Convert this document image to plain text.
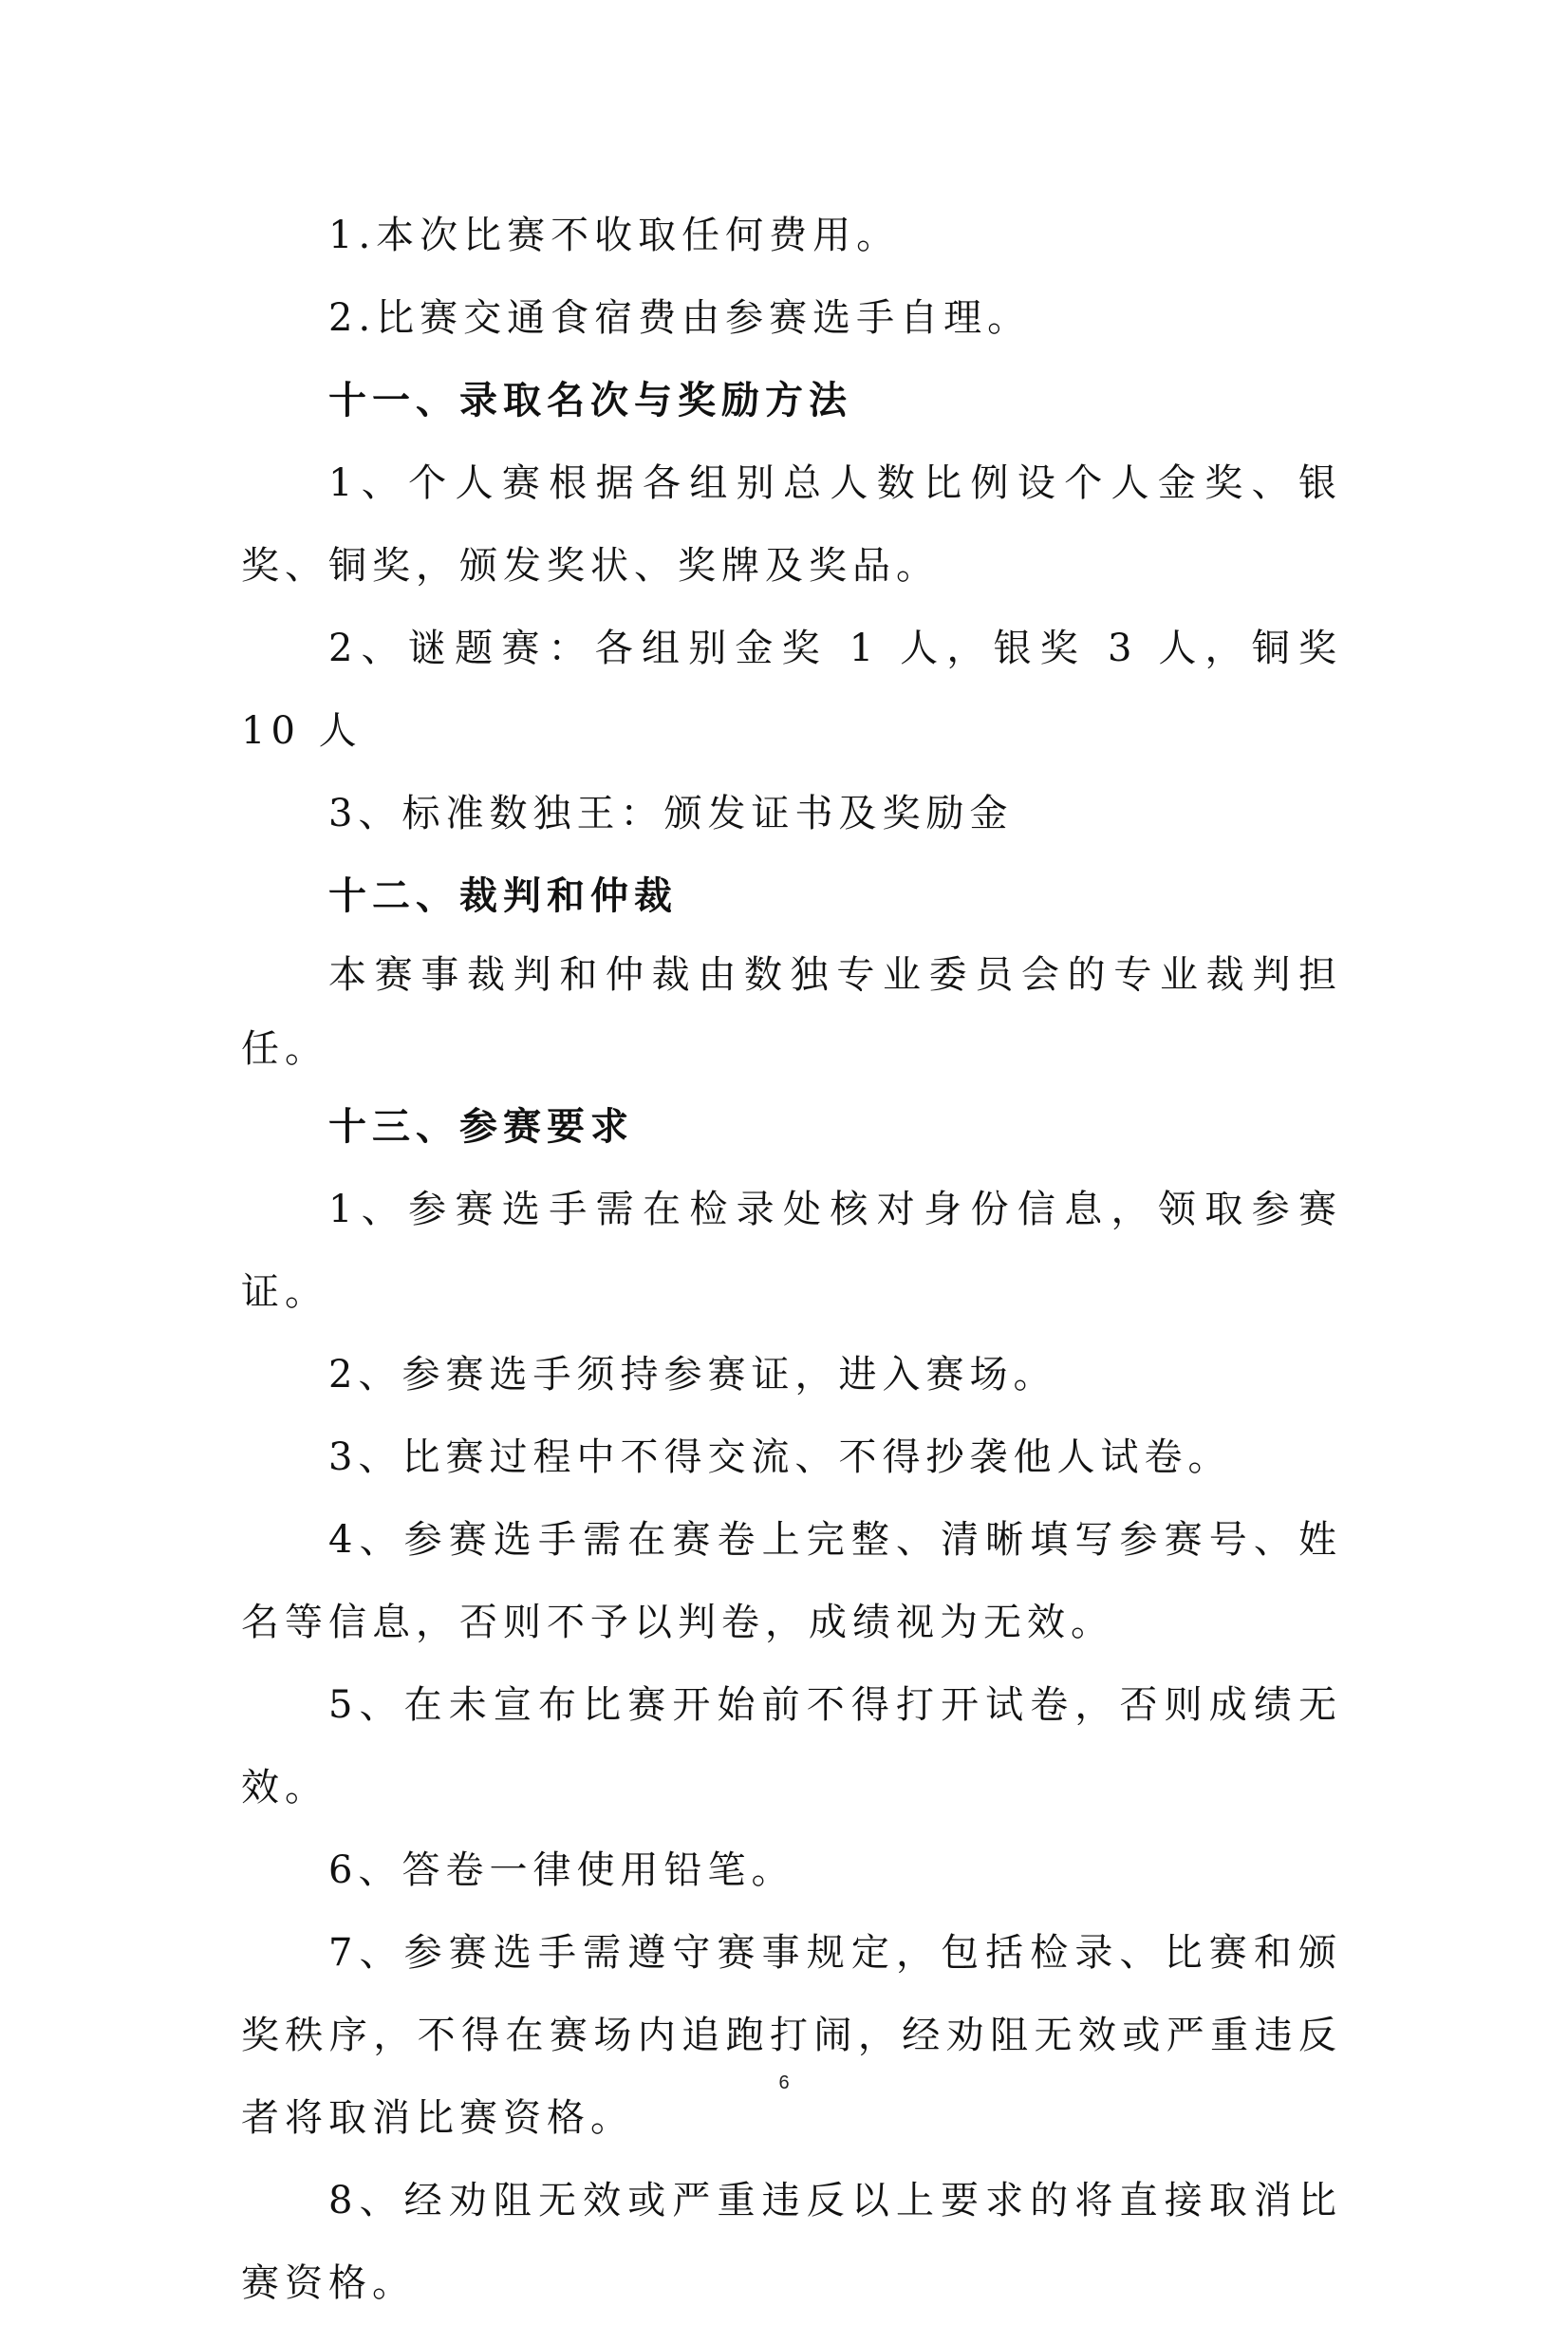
1.本次比赛不收取任何费用。

2.比赛交通食宿费由参赛选手自理。

十一、录取名次与奖励方法

1、个人赛根据各组别总人数比例设个人金奖、银奖、铜奖，颁发奖状、奖牌及奖品。

2、谜题赛：各组别金奖 1 人，银奖 3 人，铜奖 10 人

3、标准数独王：颁发证书及奖励金

十二、裁判和仲裁

本赛事裁判和仲裁由数独专业委员会的专业裁判担任。

十三、参赛要求

1、参赛选手需在检录处核对身份信息，领取参赛证。

2、参赛选手须持参赛证，进入赛场。

3、比赛过程中不得交流、不得抄袭他人试卷。

4、参赛选手需在赛卷上完整、清晰填写参赛号、姓名等信息，否则不予以判卷，成绩视为无效。

5、在未宣布比赛开始前不得打开试卷，否则成绩无效。

6、答卷一律使用铅笔。

7、参赛选手需遵守赛事规定，包括检录、比赛和颁奖秩序，不得在赛场内追跑打闹，经劝阻无效或严重违反者将取消比赛资格。

8、经劝阻无效或严重违反以上要求的将直接取消比赛资格。

6
